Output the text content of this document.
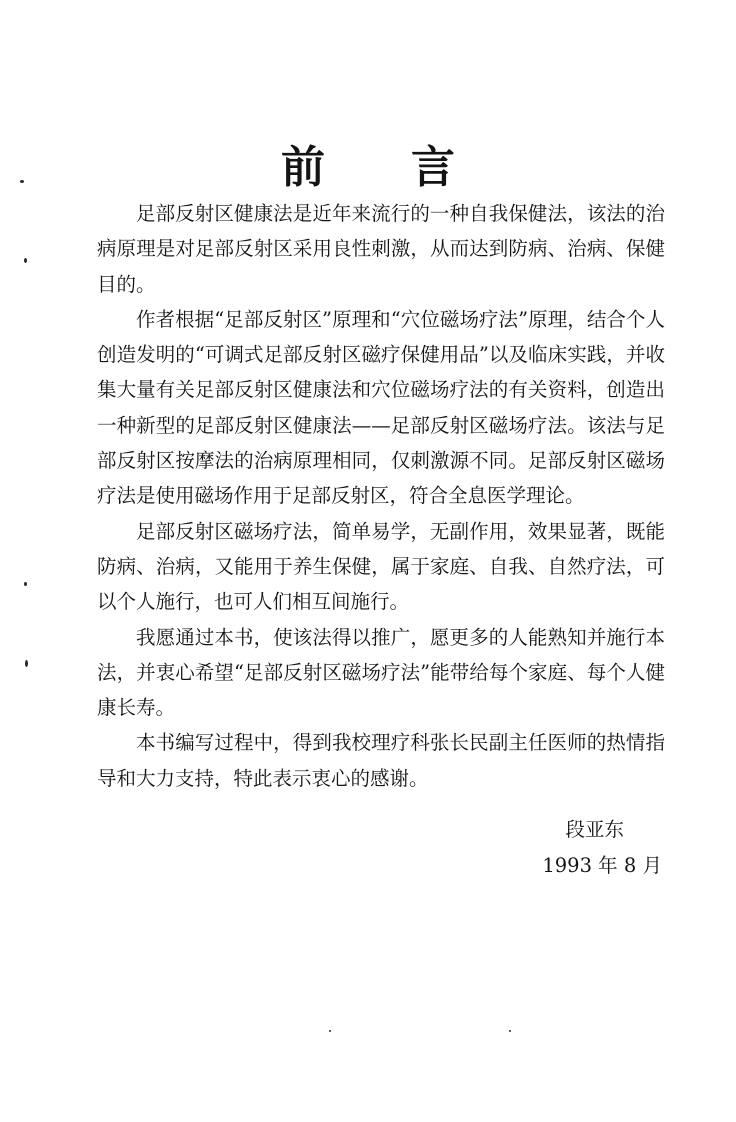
前 言

足部反射区健康法是近年来流行的一种自我保健法，该法的治病原理是对足部反射区采用良性刺激，从而达到防病、治病、保健目的。

作者根据“足部反射区”原理和“穴位磁场疗法”原理，结合个人创造发明的“可调式足部反射区磁疗保健用品”以及临床实践，并收集大量有关足部反射区健康法和穴位磁场疗法的有关资料，创造出一种新型的足部反射区健康法——足部反射区磁场疗法。该法与足部反射区按摩法的治病原理相同，仅刺激源不同。足部反射区磁场疗法是使用磁场作用于足部反射区，符合全息医学理论。

足部反射区磁场疗法，简单易学，无副作用，效果显著，既能防病、治病，又能用于养生保健，属于家庭、自我、自然疗法，可以个人施行，也可人们相互间施行。

我愿通过本书，使该法得以推广，愿更多的人能熟知并施行本法，并衷心希望“足部反射区磁场疗法”能带给每个家庭、每个人健康长寿。

本书编写过程中，得到我校理疗科张长民副主任医师的热情指导和大力支持，特此表示衷心的感谢。

段亚东
1993 年 8 月
